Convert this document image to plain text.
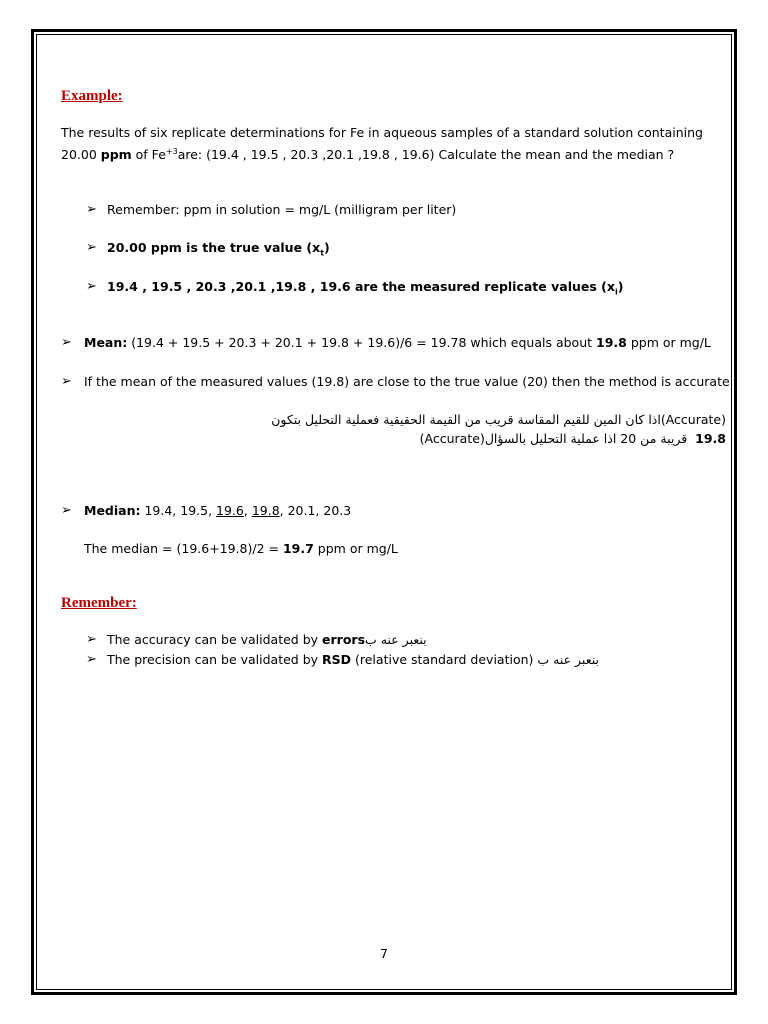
Example:
The results of six replicate determinations for Fe in aqueous samples of a standard solution containing
20.00 ppm of $Fe^{+3}are$: (19.4 , 19.5 , 20.3 ,20.1 ,19.8 , 19.6) Calculate the mean and the median ?
➢ Remember: ppm in solution = mg/L (milligram per liter)
➢ 20.00 ppm is the true value $(x_t)$
➢ 19.4 , 19.5 , 20.3 ,20.1 ,19.8 , 19.6 are the measured replicate values $(x_i)$
➢ Mean: (19.4 + 19.5 + 20.3 + 20.1 + 19.8 + 19.6)/6 = 19.78 which equals about 19.8 ppm or mg/L
➢ If the mean of the measured values (19.8) are close to the true value (20) then the method is accurate
اذا كان المين للقيم المقاسة قريب من القيمة الحقيقية فعملية التحليل بتكون(Accurate)
(Accurate) قريبة من 20 اذا عملية التحليل بالسؤال 19.8
➢ Median: 19.4, 19.5, 19.6, 19.8, 20.1, 20.3
The median = (19.6+19.8)/2 = 19.7 ppm or mg/L
Remember:
➢ The accuracy can be validated by errors بنعبر عنه ب
➢ The precision can be validated by RSD (relative standard deviation) بنعبر عنه ب
7
